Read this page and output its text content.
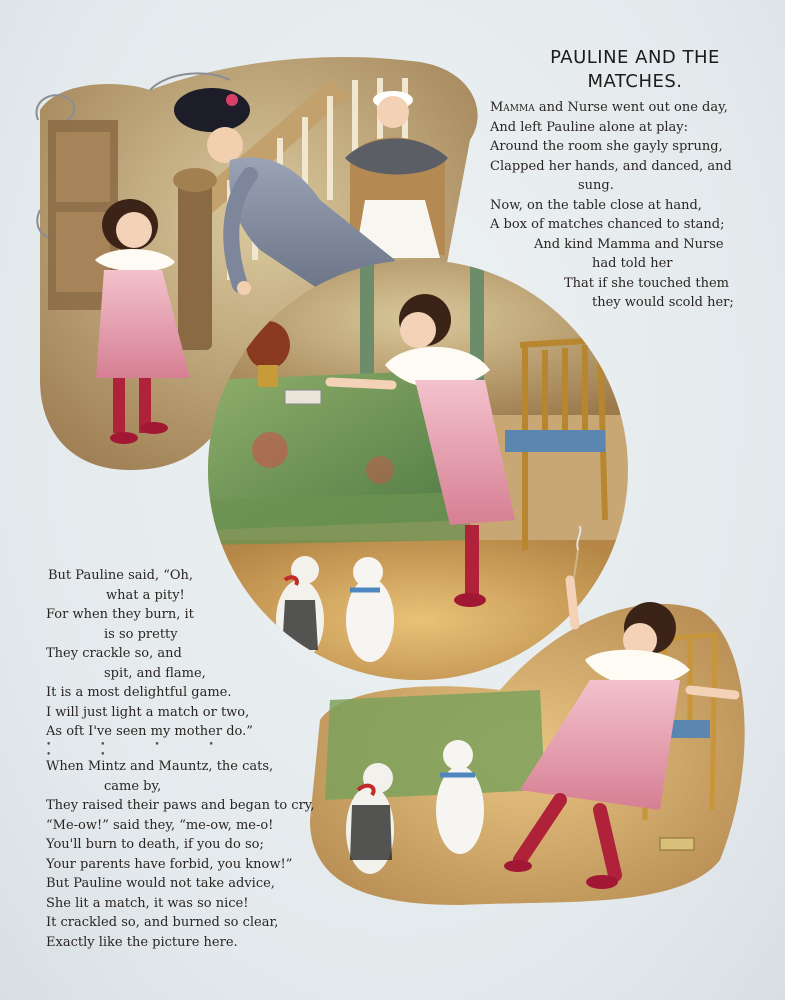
PAULINE AND THE
MATCHES.
Mamma and Nurse went out one day,
And left Pauline alone at play:
Around the room she gayly sprung,
Clapped her hands, and danced, and
sung.
Now, on the table close at hand,
A box of matches chanced to stand;
And kind Mamma and Nurse
had told her
That if she touched them
they would scold her;
But Pauline said, “Oh,
what a pity!
For when they burn, it
is so pretty
They crackle so, and
spit, and flame,
It is a most delightful game.
I will just light a match or two,
As oft I've seen my mother do.”
• • • • • •
When Mintz and Mauntz, the cats,
came by,
They raised their paws and began to cry,
“Me-ow!” said they, “me-ow, me-o!
You'll burn to death, if you do so;
Your parents have forbid, you know!”
But Pauline would not take advice,
She lit a match, it was so nice!
It crackled so, and burned so clear,
Exactly like the picture here.
